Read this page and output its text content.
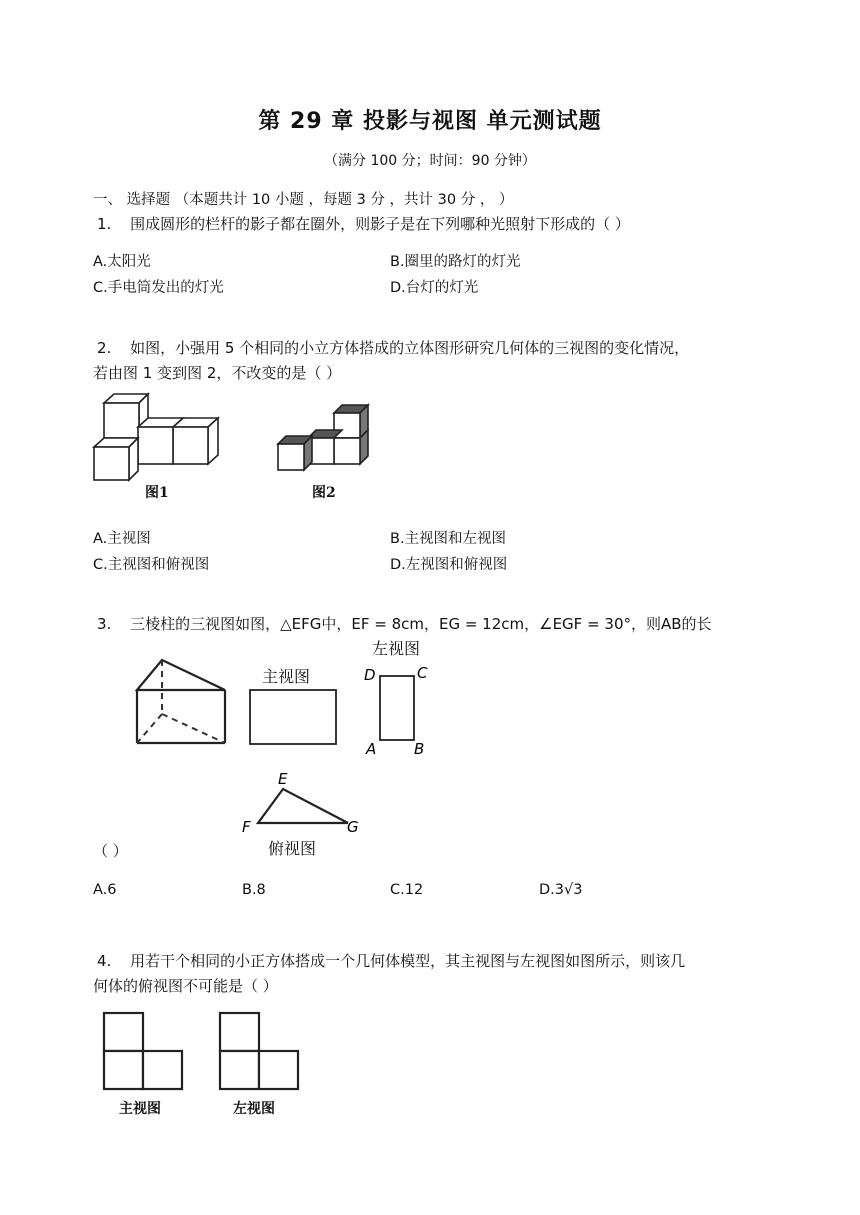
第 29 章 投影与视图 单元测试题
（满分 100 分；时间：90 分钟）
一、 选择题 （本题共计 10 小题 ，每题 3 分 ，共计 30 分 ， ）
1. 围成圆形的栏杆的影子都在圈外，则影子是在下列哪种光照射下形成的（ ）
A.太阳光	B.圈里的路灯的灯光
C.手电筒发出的灯光	D.台灯的灯光
2. 如图，小强用 5 个相同的小立方体搭成的立体图形研究几何体的三视图的变化情况，
若由图 1 变到图 2，不改变的是（ ）
图1	图2
A.主视图	B.主视图和左视图
C.主视图和俯视图	D.左视图和俯视图
3. 三棱柱的三视图如图，△EFG中，EF = 8cm，EG = 12cm，∠EGF = 30°，则AB的长
主视图
左视图
D	C
A	B
E
F	G
俯视图
（ ）
A.6	B.8	C.12	D.3√3
4. 用若干个相同的小正方体搭成一个几何体模型，其主视图与左视图如图所示，则该几
何体的俯视图不可能是（ ）
主视图	左视图
